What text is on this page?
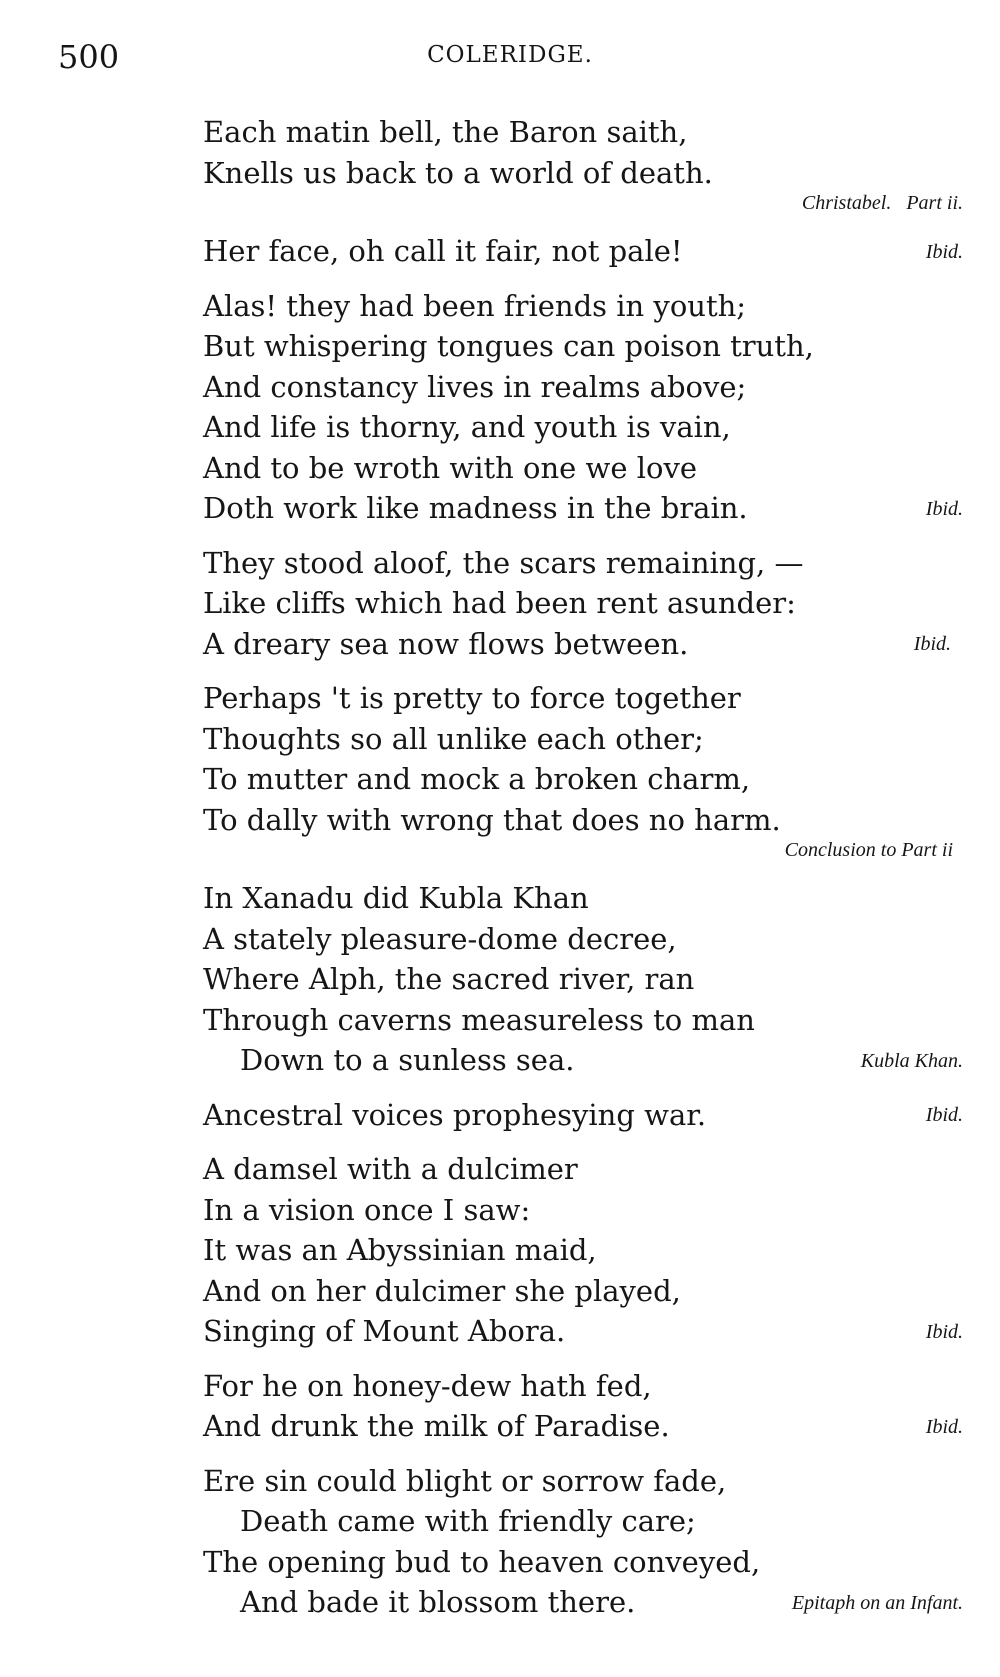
500	COLERIDGE.
Each matin bell, the Baron saith,
Knells us back to a world of death.
Christabel.   Part ii.
Her face, oh call it fair, not pale!	Ibid.
Alas! they had been friends in youth;
But whispering tongues can poison truth,
And constancy lives in realms above;
And life is thorny, and youth is vain,
And to be wroth with one we love
Doth work like madness in the brain.	Ibid.
They stood aloof, the scars remaining, —
Like cliffs which had been rent asunder:
A dreary sea now flows between.	Ibid.
Perhaps 't is pretty to force together
Thoughts so all unlike each other;
To mutter and mock a broken charm,
To dally with wrong that does no harm.
Conclusion to Part ii
In Xanadu did Kubla Khan
A stately pleasure-dome decree,
Where Alph, the sacred river, ran
Through caverns measureless to man
Down to a sunless sea.	Kubla Khan.
Ancestral voices prophesying war.	Ibid.
A damsel with a dulcimer
In a vision once I saw:
It was an Abyssinian maid,
And on her dulcimer she played,
Singing of Mount Abora.	Ibid.
For he on honey-dew hath fed,
And drunk the milk of Paradise.	Ibid.
Ere sin could blight or sorrow fade,
Death came with friendly care;
The opening bud to heaven conveyed,
And bade it blossom there.	Epitaph on an Infant.
